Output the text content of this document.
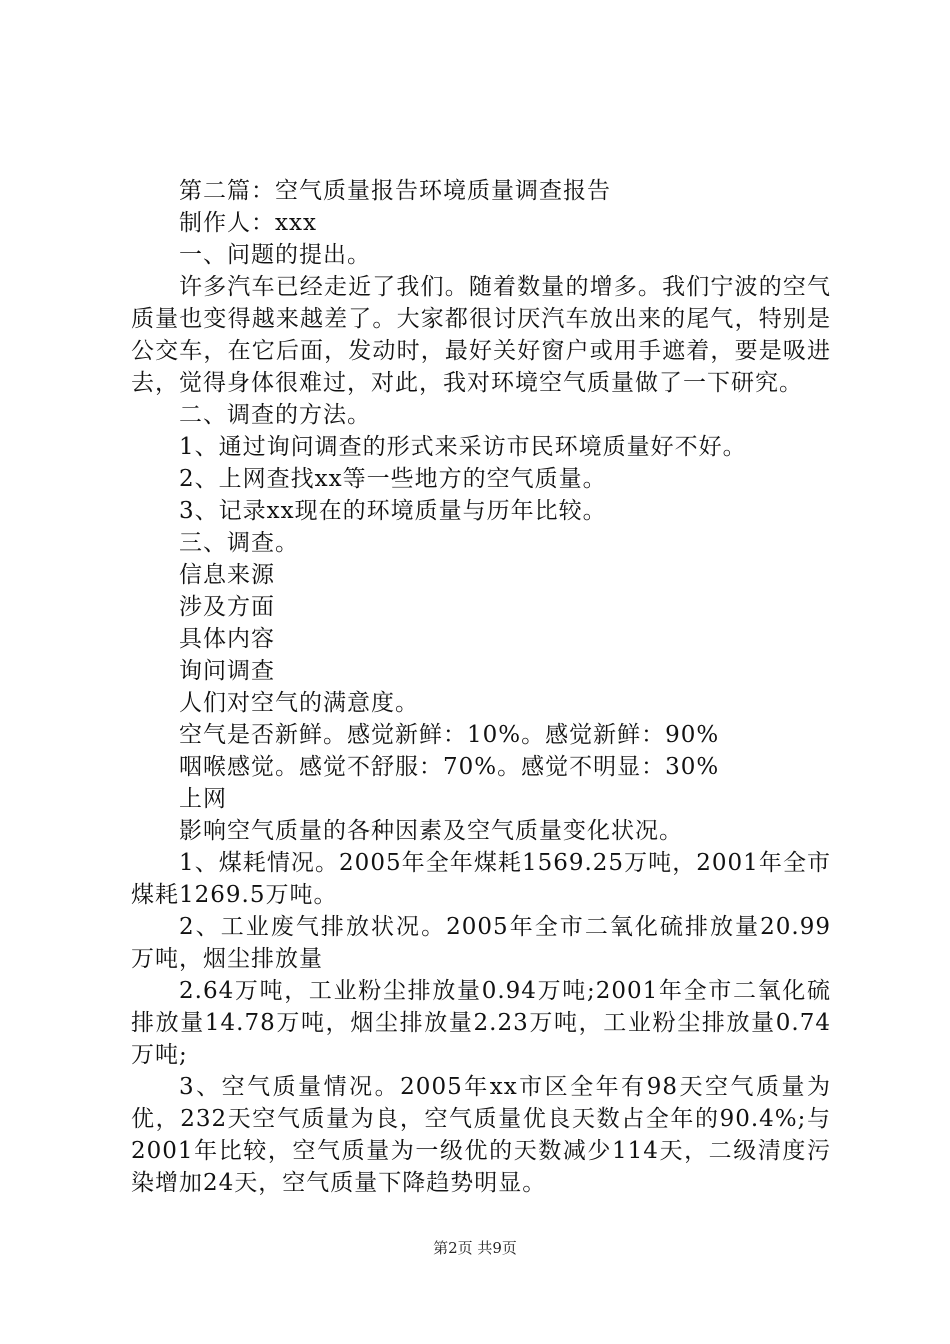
第二篇：空气质量报告环境质量调查报告

制作人：xxx

一、问题的提出。

许多汽车已经走近了我们。随着数量的增多。我们宁波的空气质量也变得越来越差了。大家都很讨厌汽车放出来的尾气，特别是公交车，在它后面，发动时，最好关好窗户或用手遮着，要是吸进去，觉得身体很难过，对此，我对环境空气质量做了一下研究。

二、调查的方法。

1、通过询问调查的形式来采访市民环境质量好不好。

2、上网查找xx等一些地方的空气质量。

3、记录xx现在的环境质量与历年比较。

三、调查。

信息来源

涉及方面

具体内容

询问调查

人们对空气的满意度。

空气是否新鲜。感觉新鲜：10%。感觉新鲜：90%

咽喉感觉。感觉不舒服：70%。感觉不明显：30%

上网

影响空气质量的各种因素及空气质量变化状况。

1、煤耗情况。2005年全年煤耗1569.25万吨，2001年全市煤耗1269.5万吨。

2、工业废气排放状况。2005年全市二氧化硫排放量20.99万吨，烟尘排放量

2.64万吨，工业粉尘排放量0.94万吨;2001年全市二氧化硫排放量14.78万吨，烟尘排放量2.23万吨，工业粉尘排放量0.74万吨;

3、空气质量情况。2005年xx市区全年有98天空气质量为优，232天空气质量为良，空气质量优良天数占全年的90.4%;与2001年比较，空气质量为一级优的天数减少114天，二级清度污染增加24天，空气质量下降趋势明显。

第2页 共9页
